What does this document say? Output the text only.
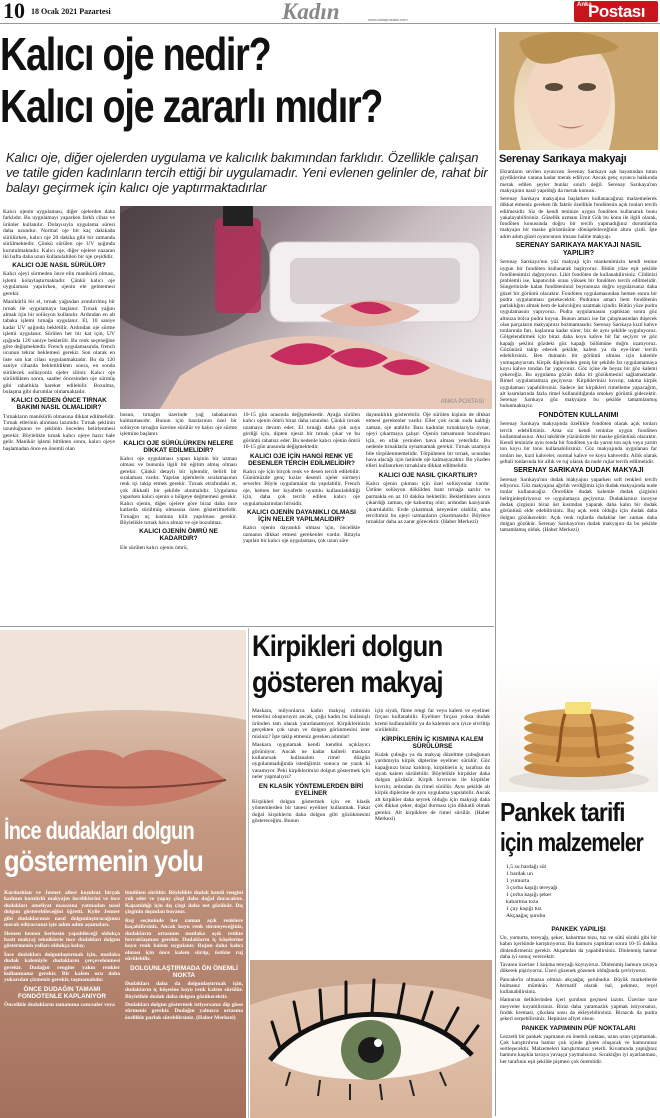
10 18 Ocak 2021 Pazartesi	Kadın	www.ankapostasi.com
Anka
Postası
Kalıcı oje nedir?
Kalıcı oje zararlı mıdır?
Kalıcı oje, diğer ojelerden uygulama ve kalıcılık bakımından farklıdır. Özellikle çalışan ve tatile giden kadınların tercih ettiği bir uygulamadır. Yeni evlenen gelinler de, rahat bir balayı geçirmek için kalıcı oje yaptırmaktadırlar

Kalıcı ojenin uygulaması, diğer ojelerden daha farklıdır. Bu uygulamayı yaparken farklı cihaz ve ürünler kullanılır. Dolayısıyla uygulama süresi daha uzundur. Normal oje bir kaç dakikada sürülürken, kalıcı oje 20 dakika gibi bir zamanda sürülmektedir. Çünkü sürülen oje UV ışığında kurutulmaktadır. Kalıcı oje, diğer ojelere nazaran iki hafta daha uzun kullanılabilen bir oje çeşididir.

KALICI OJE NASIL SÜRÜLÜR?

Kalıcı ojeyi sürmeden önce elin manikürü olması, işlemi kolaylaştırmaktadır. Çünkü kalıcı oje uygulaması yapılırken, ojenin ele gelmemesi gerekir.

Manikürlü bir el, tırnak yağından arındırılmış bir tırnak ile uygulamaya başlanır. Tırnak yağını almak için bir solüsyon kullanılır. Ardından en alt tabaka işlemi tırnağa uygulanır. El, 10 saniye kadar UV ışığında bekletilir. Ardından oje sürme işlemi uygulanır. Sürülen her bir kat için, UV ışığında 120 saniye bekletilir. Bu renk seçeneğine göre değişmektedir. French uygulamasında, french ucunun tekrar beklemesi gerekir. Son olarak en üste son kat cilası uygulanmaktadır. Bu da 120 saniye cihazda bekletildikten sonra, en sonda sürülecek solüsyonla ojeler silinir. Kalıcı oje sürüldükten sonra, saatler öncesinden oje sürmüş gibi rahatlıkla hareket edilebilir. Bozulma, bulaşma gibi durumlar olmamaktadır.

KALICI OJEDEN ÖNCE TIRNAK BAKIMI NASIL OLMALIDIR?

Tırnakların manikürlü olmasına dikkat edilmelidir. Tırnak etlerinin alınması lazımdır. Tırnak şeklinin uzunluğunun ve şeklinin önceden belirlenmesi gerekir. Böylelikle tırnak kalıcı ojeye hazır hale gelir. Manikür işlemi bittikten sonra, kalıcı ojeye başlamadan önce en önemli olan

ANKA POSTASI

busun, tırnağın üzerinde yağ tabakasının kalmamasıdır. Bunun için bazılarının özel bir solüsyon tırnağın üzerine sürülür ve kalıcı oje sürme işlemine başlanır.

KALICI OJE SÜRÜLÜRKEN NELERE DİKKAT EDİLMELİDİR?

Kalıcı oje uygulaması yapan kişinin bir uzman olması ve bununla ilgili bir eğitim almış olması gerekir. Çünkü detaylı bir işlemdir, belirli bir sıralaması vardır. Yapılan işlemlerin sıralamasının renk içi takip etmek gerekir. Tırnak etrafındaki et, çok dikkatli bir şekilde alınmalıdır. Uygulama yaparken kalıcı ojenin o bölgeye değmemesi gerekir. Kalıcı ojenin, diğer ojelere göre biraz daha ince katlarda sürülmüş olmasına özen gösterilmelidir. Tırnağın uç kısmına kilit yapılması gerekir. Böylelikle tırnak hava almaz ve oje bozulmaz.

KALICI OJENİN ÖMRÜ NE KADARDIR?

Ele sürülen kalıcı ojenin ömrü,

10-15 gün arasında değişmektedir. Ayağa sürülen kalıcı ojenin ömrü biraz daha uzundur. Çünkü tırnak uzamaya devam eder. El tırnağı daha çok suya girdiği için, dipten ojesiz bir tırnak çıkar ve bu görüntü rahatsız eder. Bu nedenle kalıcı ojenin ömrü 10-15 gün arasında değişmektedir.

KALICI OJE İÇİN HANGİ RENK VE DESENLER TERCİH EDİLMELİDİR?

Kalıcı oje için birçok renk ve desen tercih edilebilir. Günümüzde genç kızlar desenli ojeler sürmeyi severler. Böyle uygulamalar da yapılabilir. French oje, hemen her kıyafetle uyumlu kullanılabildiği için, daha çok tercih edilen kalıcı oje uygulamalarından birisidir.

KALICI OJENİN DAYANIKLI OLMASI İÇİN NELER YAPILMALIDIR?

Kalıcı ojenin dayanıklı olması için, öncelikle uzmanın dikkat etmesi gerekenler vardır. Ritayla yapılan bir kalıcı oje uygulaması, çok uzun süre

dayanıklılık gösterebilir. Oje sürülen kişinin de dikkat etmesi gerekenler vardır. Eller çok sıcak suda kaldığı zaman, oje atabilir. Bazı kadınlar tırnaklarıyla oynar, ojeyi çıkarmaya çalışır. Ojenin tamamının bozulması için, en ufak yerinden hava alması yeterlidir. Bu nedenle tırnaklarla oynamamak gerekir. Tırnak uzamıya bile törpülenmemelidir. Törpülenen bir tırnak, ucundan hava alacağı için üstünde oje kalmayacaktır. Bu yüzden elleri kullanırken tırnaklara dikkat edilmelidir.

KALICI OJE NASIL ÇIKARTILIR?

Kalıcı ojenin çıkması için özel solüsyonlar vardır. Üstüne solüsyon dökülden bant tırnağa sarılır ve parmakla en az 10 dakika bekletilir. Beklettikten sonra çıkardığı zaman, oje kabarmış olur; ardından kazıyarak çıkartılabilir. Evde çıkartmak isteyenler olabilir, ama tercihimiz bu ojeyi uzmanların çıkartmasıdır. Böylece tırnaklar daha az zarar görecektir. (Haber Merkezi)

Serenay Sarıkaya makyajı

Ekranların sevilen oyuncusu Serenay Sarıkaya aşk hayatından tutun giydiklerine varana kadar merak ediliyor. Ancak genç oyuncu hakkında merak edilen şeyler bunlar sınırlı değil. Serenay Sarıkaya'nın makyajının nasıl yapıldığı da merak konusu.

Serenay Sarıkaya makyajına başlarken kullanacağınız malzemelerek dikkat etmeniz gereken ilk faktör özellikle fondötenin açık tonları tercih edilmesidir. Siz de kendi teninize uygun fondöten kullanarak bunu yakalayabilirsiniz. Güzellik uzmanı Ümit Gök bu konu ile ilgili olarak, fondöten konusunda doğru bir tercih yapmadığınız durumlarda makyajın bir maske görüntüsüne dönüşebileceğinin altını çizdi. İşte adım adım güzel oyuncunun imzası haline makyajı.

SERENAY SARIKAYA MAKYAJI NASIL YAPILIR?

Serenay Sarıkaya'nın yüz makyajı için mankenimizin kendi tenine uygun bir fondöten kullanarak başlıyoruz. Bütün yüze eşit şekilde fondötenimizi dağıtıyoruz. Likit fondöten de kullanabilirsiniz. Cildinizi problemli ise, kapatıcılık oranı yüksek bir fondöten tercih edilmelidir. Süngerinizde kalan fondöteninizi boynunuza doğru uygularsanız daha güzel bir görüntü olacaktır. Fondöten uygulamasından hemen sonra bir pudra uygulanması gerekecektir. Pudranın amacı hem fondötenin parlaklığını almak hem de kalıcılığını uzatmak içindir. Bütün yüze pudra uygulamasını yapıyoruz. Pudra uygulamasını yaptıktan sonra göz altınıza bolca pudra koyun. Bunun amacı ise far çalışmasından düşecek olan parçaların makyajınızı bozmamasıdır. Serenay Sarıkaya kızıl kahve tonlarında farı, kaşlarına kadar sürer, biz de aynı şekilde uyguluyoruz. Gölgelendirmek için biraz daha koyu kahve bir far seçiyor ve göz kapağı şeklini gözdeki göz kapağı bölümüne doğru uzatıyoruz. Gözünüzü takip edecek şekilde, kalem ya da eye-liner tercih edebilirsiniz. Ben dumanlı bir görüntü olması için kalemle yumuşatıyorum. Kirpik diplerinden geniş bir şekilde far uygulamamaya koyu kahve tondan far yapıyoruz. Göz içine de beyaz bir göz kalemi çekeceğiz. Bu uygulama gözün daha iri gözükmesini sağlamaktadır. Rimel uygulamamıza geçiyoruz. Kirpiklerinizi kıvırıp, takma kirpik uygulaması yapabilirsiniz. Sadece üst kirpikleri rimelleme yapacağım, alt kısımlarında fazla rimel kullanıldığında smokey görüntü gidecektir. Serenay Sarıkaya göz makyajını bu şekilde tamamlanmış bulunmaktayız.

FONDÖTEN KULLANIMI

Serenay Sarıkaya makyajında özellikle fondöten olarak açık tonları tercih edebilirsiniz. Ama siz kendi teninize uygun fondöten kullanmalısınız. Aksi takdirde yüzünüzde bir maske görüntüsü olacaktır. Kendi teninizle aynı tonda bir fondöten ya da yarım ton açık veya yarım ton koyu bir tonu kullanabilirsiniz. Göz makyajında uygulanan far tonları ise, kızıl kahveler, normal kahve ve koyu kahverdir. Allık olarak şeftali tonlarında bir allık ve ruj olarak da nude rujlar tercih edilmelidir.

SERENAY SARIKAYA DUDAK MAKYAJI

Serenay Sarıkaya'nın dudak makyajını yaparken soft renkleri tercih ediyoruz. Göz makyajına ağırlık verdiğimiz için dudak makyajında nude tonlar kullanacağız. Öncelikle dudak kalemle dudak çizgisini belirginleştiriyoruz ve uygulamaya geçiyoruz. Dudaklarınız inceyse dudak çizgisini biraz üst kısımdan yaparak daha kalın bir dudak görüntüsü elde edebilirsiniz. Ruj açık renk olduğu için dudak daha dolgun gözükecektir. Açık renk rujlarda dudaklar her zaman daha dolgun gözükür. Serenay Sarıkaya'nın dudak makyajını da bu şekilde tamamlamış olduk. (Haber Merkezi)

Kirpikleri dolgun
gösteren makyaj

Maskara, milyonlarca kadın makyaj rutininin temelini oluşturuyor ancak, çoğu kadın bu kullanışlı üründen tam olarak yararlanamıyor. Kirpiklerinizin gerçekten çok uzun ve dolgun görünmesini ister misiniz? İşte takip etmeniz gereken adımlar!

Maskara uygulamak kendi kendini açıklayıcı görünüyor. Ancak ne kadar kaliteli maskara kullanırsak kullanalım rimel düzgün uygulanmadığında istediğimiz sonuca ne yazık ki varamıyor. Peki kirpiklerimizi dolgun göstermek için neler yapmalıyız?

EN KLASİK YÖNTEMLERDEN BİRİ EYELİNER

Kirpikleri dolgun göstermek için en klasik yöntemlerden bir tanesi eyeliner kullanmak. Fakat doğal kirpiklerin daha dolgun gibi gözükmesini göstereceğim. Bunun

için siyah, füme rengi far veya kalem ve eyeliner fırçası kullanabilir. Eyeliner fırçası yoksa dudak kremi kullanılabilir ya da kalemin ucu iyice sivriltip sürülebilir.

KİRPİKLERİN İÇ KISMINA KALEM SÜRÜLÜRSE

Kulak çubuğu ya da makyaj düzeltme çubuğunun yardımıyla kirpik diplerine eyeliner sürülür. Göz kapağınızı biraz kaldırıp, kirpiklerin iç tarafına da siyah kalem sürülebilir. Böylelikle kirpikler daha dolgun gözükür. Kirpik kıvırıcısı ile kirpikler kıvrılır, ardından da rimel sürülür. Aynı şekilde alt kirpik diplerine de aynı uygulama yapılabilir. Ancak alt kirpikler daha seyrek olduğu için makyajı daha çok dikkat çeker, doğal durması için dikkatli olmak gerekir. Alt kirpiklere de rimel sürülür. (Haber Merkezi)

İnce dudakları dolgun
göstermenin yolu

Kardashian ve Jenner ailesi koşulsuz birçok kadının kontürlü makyajın inceliklerini ve ince dudakları ameliyat masasına yatmadan nasıl dolgun gösterebileceğini öğretti. Kylie Jenner gibi dudaklarınızı nasıl dolgunlaştıracağınızı merak ediyorsanız işte adım adım aşamaları.

Hemen hemen herkesin yapabileceği oldukça basit makyaj tekniklerle ince dudakları dolgun göstermenin yolları oldukça kolay.

İnce dudakları dolgunlaştırmak için, mutlaka dudak kalemiyle dudakların çerçevelenmesi gerekir. Dudağın rengine yakın renkler kullanmanız gerekir. Bir kalem ucu daha yukarıdan çizmeniz gerekir, taşmamalıdır.

ÖNCE DUDAĞIN TAMAMI FONDÖTENLE KAPLANIYOR

Öncelikle dudakların tamamına concealer veya

fondöten sürülür. Böylelikle dudak kendi rengini yok eder ve yapay çizgi daha doğal duracaktır. Kapatıldığı için dış çizgi daha net gözükür. Dış çizginin dışından boyanır.

Ruj seçiminde her zaman açık renklere kaçabilirsiniz. Ancak koyu renk sürmeyeceğiniz, dudakların ortasının mutlaka açık renkte berraklaşması gerekir. Dudakların iç köşelerine koyu renk kalem uygulanır. Rujun daha kalıcı olması için önce kalem sürüp, üstüne ruj sürülebilir.

DOLGUNLAŞTIRMADA ÖN ÖNEMLİ NOKTA

Dudakları daha da dolgunlaştırmak için, dudakların iç köşesine koyu renk kalem sürülür. Böylelikle dudak daha dolgun gözükecektir.

Dudakları dolgun göstermek istiyorsanız dip gloss sürmeniz gerekir. Dudağın yalnızca ortasına özellikle parlak sürebilirsiniz. (Haber Merkezi)

Pankek tarifi
için malzemeler
1,5 su bardağı süt
1 bardak un
1 yumurta
3 çorba kaşığı tereyağı
1 çorba kaşığı şeker
kabartma tozu
1 çay kaşığı tuz
Akçaağaç şurubu

PANKEK YAPILIŞI

Un, yumurta, tereyağı, şeker, kabartma tozu, tuz ve sütü sürahi gibi bir kabın içerisinde karıştırıyoruz. Bu hamuru yaptıktan sonra 10-15 dakika dinlendirmeniz gerekir. Akşamdan da yapabilirsiniz. Dinlenmiş hamur daha iyi sonuç verecektir.

Tavanın üzerine 1 kokma tereyağı koyuyoruz. Dinlenmiş hamuru tavaya dökerek pişiriyoruz. Üzeri gözenek gözenek olduğunda çeviriyoruz.

Pancake'in olmazsa olmazı akçaağaç şurubudur. Büyük marketlerde bulmanız mümkün. Alternatif olarak bal, pekmez, reçel kullanabilirsiniz.

Hamurun deliklerinden içeri şurubun geçmesi lazım. Üzerine taze meyveler koyabilirsiniz. Biraz daha yaramazlık yapmak istiyorsanız, fındık kremasi, çikolata sosu da ekleyebilirsiniz. Birazcık da pudra şekeri serpebilirsiniz. Hepinize afiyet olsun.

PANKEK YAPIMININ PÜF NOKTALARI

Lezzetli bir pankek yapmanın en önemli noktası, uzun uzun çırpmamak. Çok karıştırılırsa hamur çok içinde gluten oluşacak ve hamurunuz sertleşecektir. Malzemeleri karıştırmanız yeterli. Kıvamında yaptığınız hamuru kaşıkla tavaya yavaşça yaymalısınız. Sıcaklığın iyi ayarlanması, her tarafının eşit şekilde pişmesi çok önemlidir.
